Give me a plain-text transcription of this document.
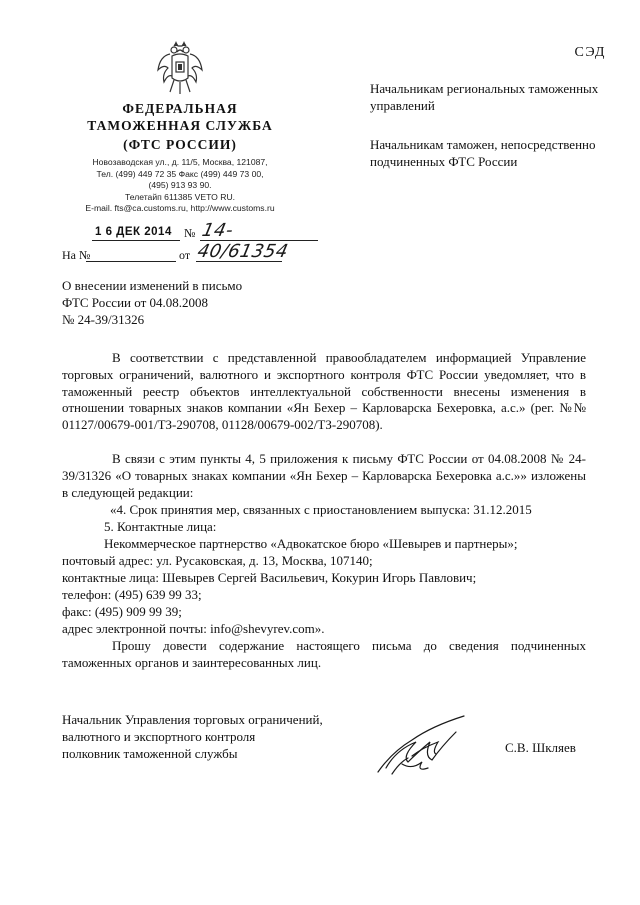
ФЕДЕРАЛЬНАЯ
ТАМОЖЕННАЯ СЛУЖБА
(ФТС РОССИИ)
Новозаводская ул., д. 11/5, Москва, 121087,
Тел. (499) 449 72 35 Факс (499) 449 73 00,
(495) 913 93 90.
Телетайп 611385 VETO RU.
E-mail. fts@ca.customs.ru, http://www.customs.ru
СЭД
Начальникам региональных таможенных управлений
Начальникам таможен, непосредственно подчиненных ФТС России
1 6 ДЕК 2014 № 14-40/61354
На №	от
О внесении изменений в письмо
ФТС России от 04.08.2008
№ 24-39/31326
В соответствии с представленной правообладателем информацией Управление торговых ограничений, валютного и экспортного контроля ФТС России уведомляет, что в таможенный реестр объектов интеллектуальной собственности внесены изменения в отношении товарных знаков компании «Ян Бехер – Карловарска Бехеровка, а.с.» (рег. №№ 01127/00679-001/ТЗ-290708, 01128/00679-002/ТЗ-290708).
В связи с этим пункты 4, 5 приложения к письму ФТС России от 04.08.2008 № 24-39/31326 «О товарных знаках компании «Ян Бехер – Карловарска Бехеровка а.с.»» изложены в следующей редакции:
«4. Срок принятия мер, связанных с приостановлением выпуска: 31.12.2015
5. Контактные лица:
Некоммерческое партнерство «Адвокатское бюро «Шевырев и партнеры»;
почтовый адрес: ул. Русаковская, д. 13, Москва, 107140;
контактные лица: Шевырев Сергей Васильевич, Кокурин Игорь Павлович;
телефон: (495) 639 99 33;
факс: (495) 909 99 39;
адрес электронной почты: info@shevyrev.com».
Прошу довести содержание настоящего письма до сведения подчиненных таможенных органов и заинтересованных лиц.
Начальник Управления торговых ограничений,
валютного и экспортного контроля
полковник таможенной службы	С.В. Шкляев
